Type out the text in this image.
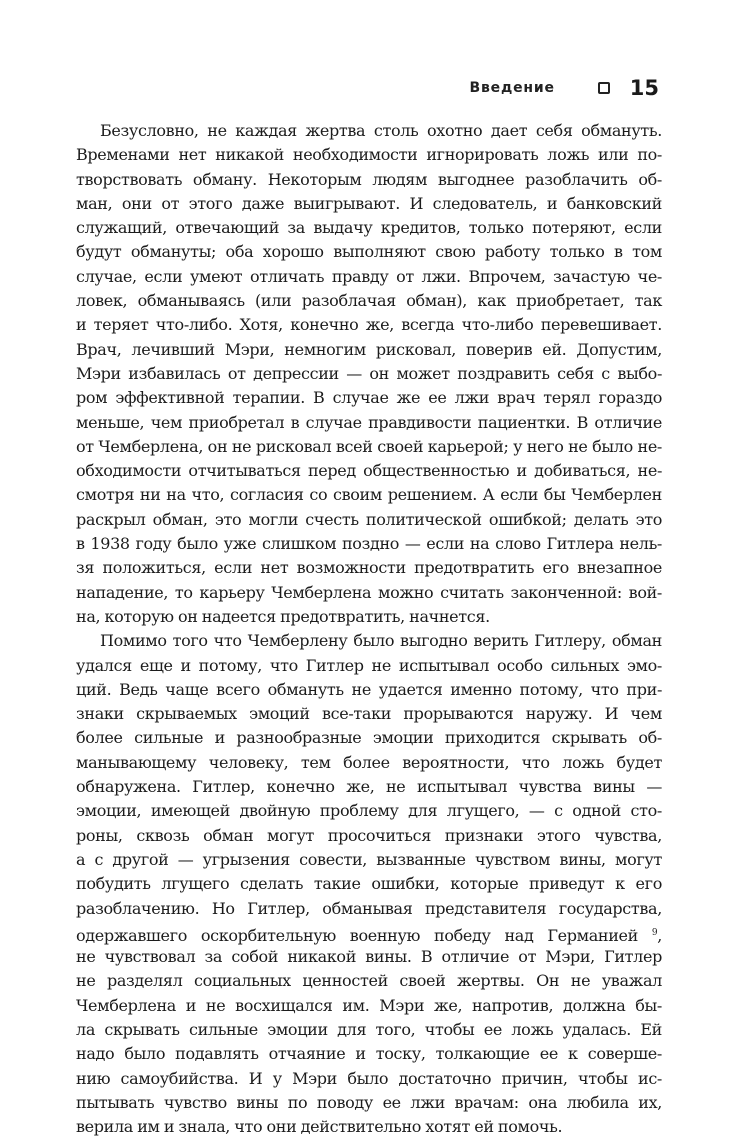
Введение	15
Безусловно, не каждая жертва столь охотно дает себя обмануть.
Временами нет никакой необходимости игнорировать ложь или по-
творствовать обману. Некоторым людям выгоднее разоблачить об-
ман, они от этого даже выигрывают. И следователь, и банковский
служащий, отвечающий за выдачу кредитов, только потеряют, если
будут обмануты; оба хорошо выполняют свою работу только в том
случае, если умеют отличать правду от лжи. Впрочем, зачастую че-
ловек, обманываясь (или разоблачая обман), как приобретает, так
и теряет что-либо. Хотя, конечно же, всегда что-либо перевешивает.
Врач, лечивший Мэри, немногим рисковал, поверив ей. Допустим,
Мэри избавилась от депрессии — он может поздравить себя с выбо-
ром эффективной терапии. В случае же ее лжи врач терял гораздо
меньше, чем приобретал в случае правдивости пациентки. В отличие
от Чемберлена, он не рисковал всей своей карьерой; у него не было не-
обходимости отчитываться перед общественностью и добиваться, не-
смотря ни на что, согласия со своим решением. А если бы Чемберлен
раскрыл обман, это могли счесть политической ошибкой; делать это
в 1938 году было уже слишком поздно — если на слово Гитлера нель-
зя положиться, если нет возможности предотвратить его внезапное
нападение, то карьеру Чемберлена можно считать законченной: вой-
на, которую он надеется предотвратить, начнется.
Помимо того что Чемберлену было выгодно верить Гитлеру, обман
удался еще и потому, что Гитлер не испытывал особо сильных эмо-
ций. Ведь чаще всего обмануть не удается именно потому, что при-
знаки скрываемых эмоций все-таки прорываются наружу. И чем
более сильные и разнообразные эмоции приходится скрывать об-
манывающему человеку, тем более вероятности, что ложь будет
обнаружена. Гитлер, конечно же, не испытывал чувства вины —
эмоции, имеющей двойную проблему для лгущего, — с одной сто-
роны, сквозь обман могут просочиться признаки этого чувства,
а с другой — угрызения совести, вызванные чувством вины, могут
побудить лгущего сделать такие ошибки, которые приведут к его
разоблачению. Но Гитлер, обманывая представителя государства,
одержавшего оскорбительную военную победу над Германией $^9$,
не чувствовал за собой никакой вины. В отличие от Мэри, Гитлер
не разделял социальных ценностей своей жертвы. Он не уважал
Чемберлена и не восхищался им. Мэри же, напротив, должна бы-
ла скрывать сильные эмоции для того, чтобы ее ложь удалась. Ей
надо было подавлять отчаяние и тоску, толкающие ее к соверше-
нию самоубийства. И у Мэри было достаточно причин, чтобы ис-
пытывать чувство вины по поводу ее лжи врачам: она любила их,
верила им и знала, что они действительно хотят ей помочь.
